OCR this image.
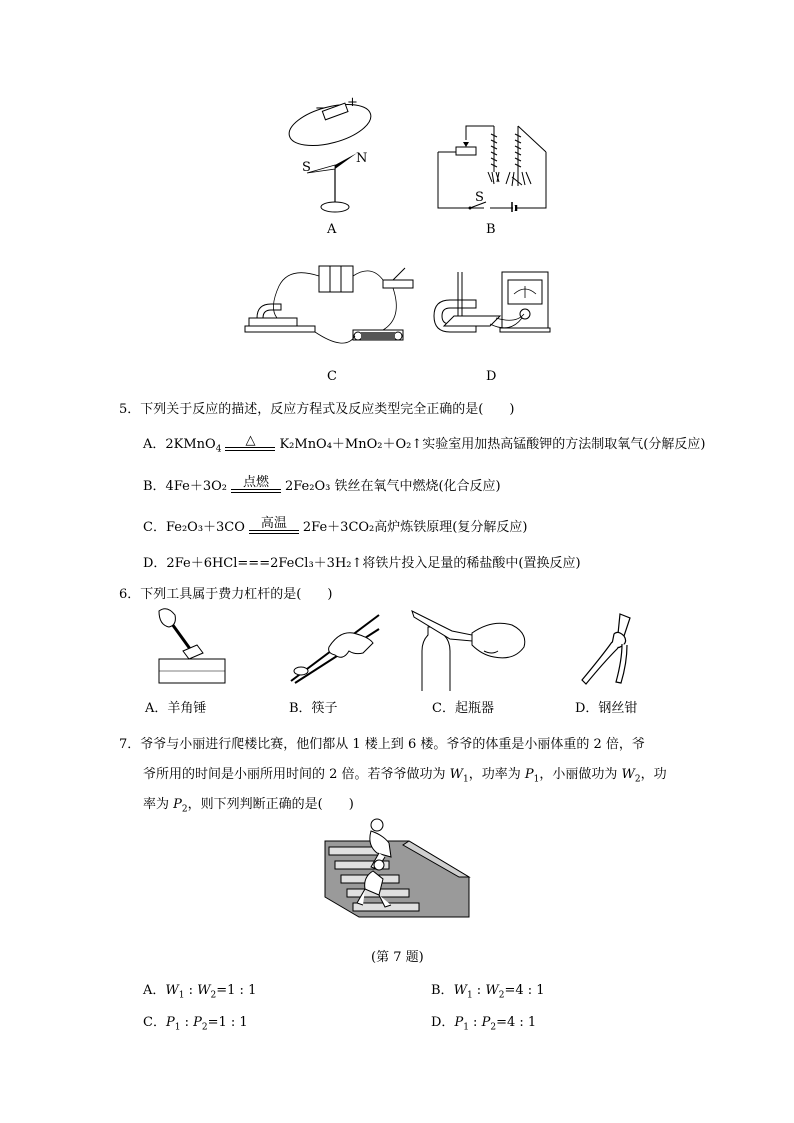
− +
S
N
A
S
B
C	D
5．下列关于反应的描述，反应方程式及反应类型完全正确的是(　　)
A．2KMnO$_4$
△	K₂MnO₄＋MnO₂＋O₂↑实验室用加热高锰酸钾的方法制取氧气(分解反应)
B．4Fe＋3O₂	点燃	2Fe₂O₃ 铁丝在氧气中燃烧(化合反应)
C．Fe₂O₃＋3CO	高温	2Fe＋3CO₂高炉炼铁原理(复分解反应)
D．2Fe＋6HCl===2FeCl₃＋3H₂↑将铁片投入足量的稀盐酸中(置换反应)
6．下列工具属于费力杠杆的是(　　)
A．羊角锤	B．筷子	C．起瓶器	D．钢丝钳
7．爷爷与小丽进行爬楼比赛，他们都从 1 楼上到 6 楼。爷爷的体重是小丽体重的 2 倍，爷
爷所用的时间是小丽所用时间的 2 倍。若爷爷做功为 $W_1$，功率为 $P_1$，小丽做功为 $W_2$，功
率为 $P_2$，则下列判断正确的是(　　)
(第 7 题)
A．$W_1$ : $W_2=1$ : 1	B．$W_1$ : $W_2=4$ : 1
C．$P_1$ : $P_2=1$ : 1	D．$P_1$ : $P_2=4$ : 1
